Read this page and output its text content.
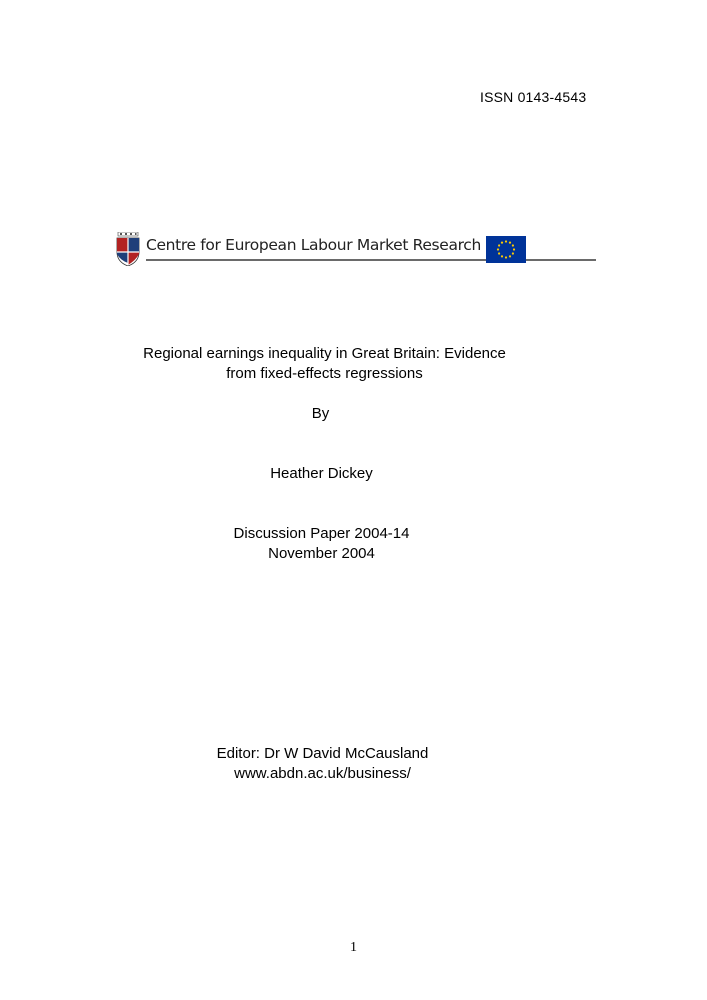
ISSN 0143-4543
Centre for European Labour Market Research
Regional earnings inequality in Great Britain: Evidence
from fixed-effects regressions
By
Heather Dickey
Discussion Paper 2004-14
November 2004
Editor: Dr W David McCausland
www.abdn.ac.uk/business/
1
